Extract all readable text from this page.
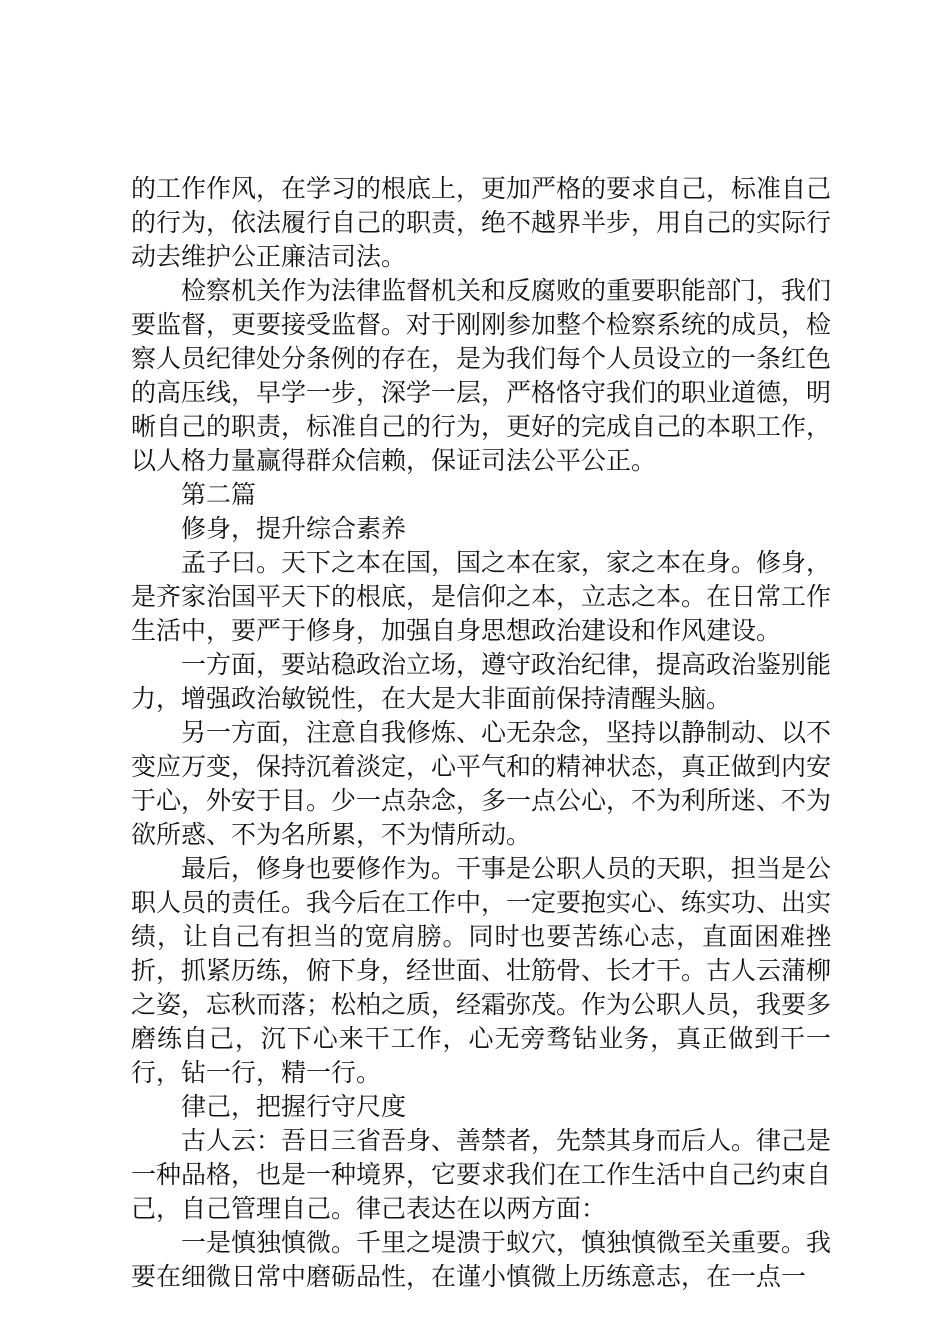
的工作作风，在学习的根底上，更加严格的要求自己，标准自己的行为，依法履行自己的职责，绝不越界半步，用自己的实际行动去维护公正廉洁司法。

检察机关作为法律监督机关和反腐败的重要职能部门，我们要监督，更要接受监督。对于刚刚参加整个检察系统的成员，检察人员纪律处分条例的存在，是为我们每个人员设立的一条红色的高压线，早学一步，深学一层，严格恪守我们的职业道德，明晰自己的职责，标准自己的行为，更好的完成自己的本职工作，以人格力量赢得群众信赖，保证司法公平公正。

第二篇

修身，提升综合素养

孟子曰。天下之本在国，国之本在家，家之本在身。修身，是齐家治国平天下的根底，是信仰之本，立志之本。在日常工作生活中，要严于修身，加强自身思想政治建设和作风建设。

一方面，要站稳政治立场，遵守政治纪律，提高政治鉴别能力，增强政治敏锐性，在大是大非面前保持清醒头脑。

另一方面，注意自我修炼、心无杂念，坚持以静制动、以不变应万变，保持沉着淡定，心平气和的精神状态，真正做到内安于心，外安于目。少一点杂念，多一点公心，不为利所迷、不为欲所惑、不为名所累，不为情所动。

最后，修身也要修作为。干事是公职人员的天职，担当是公职人员的责任。我今后在工作中，一定要抱实心、练实功、出实绩，让自己有担当的宽肩膀。同时也要苦练心志，直面困难挫折，抓紧历练，俯下身，经世面、壮筋骨、长才干。古人云蒲柳之姿，忘秋而落；松柏之质，经霜弥茂。作为公职人员，我要多磨练自己，沉下心来干工作，心无旁骛钻业务，真正做到干一行，钻一行，精一行。

律己，把握行守尺度

古人云：吾日三省吾身、善禁者，先禁其身而后人。律己是一种品格，也是一种境界，它要求我们在工作生活中自己约束自己，自己管理自己。律己表达在以两方面：

一是慎独慎微。千里之堤溃于蚁穴，慎独慎微至关重要。我要在细微日常中磨砺品性，在谨小慎微上历练意志，在一点一
